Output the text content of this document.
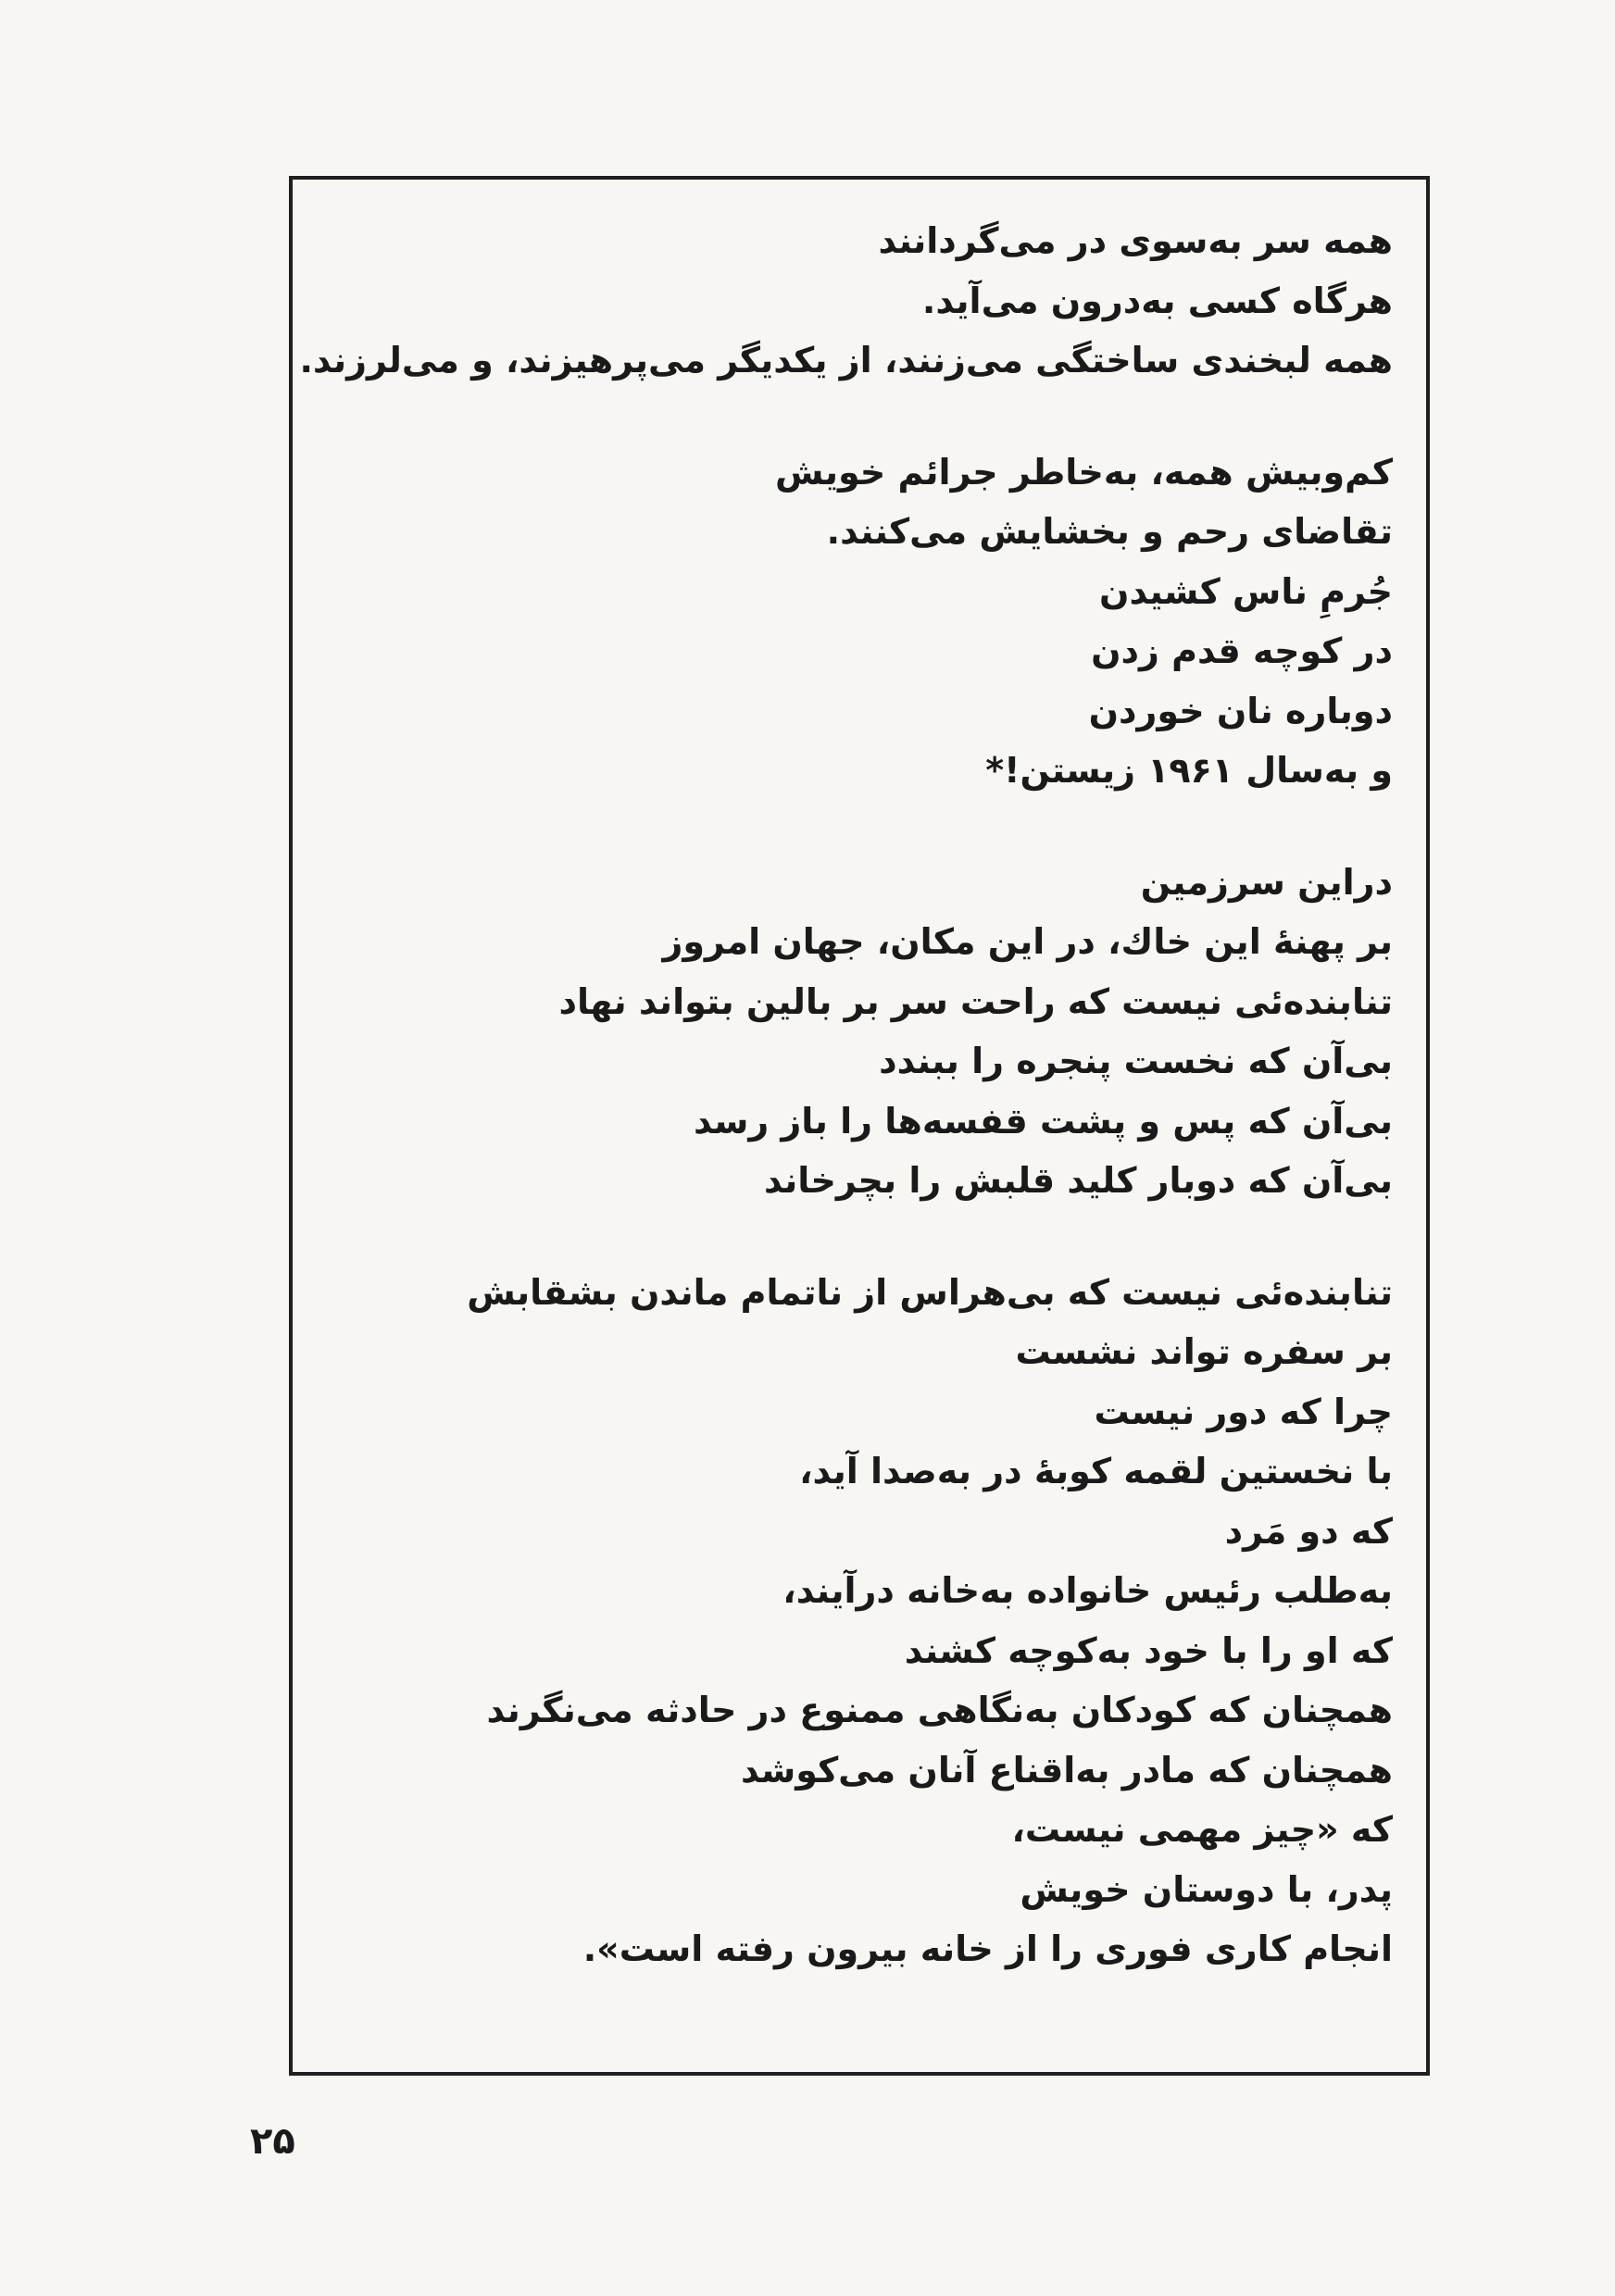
همه سر به‌سوی در می‌گردانند
هرگاه کسی به‌درون می‌آید.
همه لبخندی ساختگی می‌زنند، از یکدیگر می‌پرهیزند، و می‌لرزند.
کم‌وبیش همه، به‌خاطر جرائم خویش
تقاضای رحم و بخشایش می‌کنند.
جُرمِ ناس کشیدن
در کوچه قدم زدن
دوباره نان خوردن
و به‌سال ۱۹۶۱ زیستن!*
دراین سرزمین
بر پهنهٔ این خاك، در این مکان، جهان امروز
تنابنده‌ئی نیست که راحت سر بر بالین بتواند نهاد
بی‌آن که نخست پنجره را ببندد
بی‌آن که پس و پشت قفسه‌ها را باز رسد
بی‌آن که دوبار کلید قلبش را بچرخاند
تنابنده‌ئی نیست که بی‌هراس از ناتمام ماندن بشقابش
بر سفره تواند نشست
چرا که دور نیست
با نخستین لقمه کوبهٔ در به‌صدا آید،
که دو مَرد
به‌طلب رئیس خانواده به‌خانه درآیند،
که او را با خود به‌کوچه کشند
همچنان که کودکان به‌نگاهی ممنوع در حادثه می‌نگرند
همچنان که مادر به‌اقناع آنان می‌کوشد
که «چیز مهمی نیست،
پدر، با دوستان خویش
انجام کاری فوری را از خانه بیرون رفته است».
۲۵
